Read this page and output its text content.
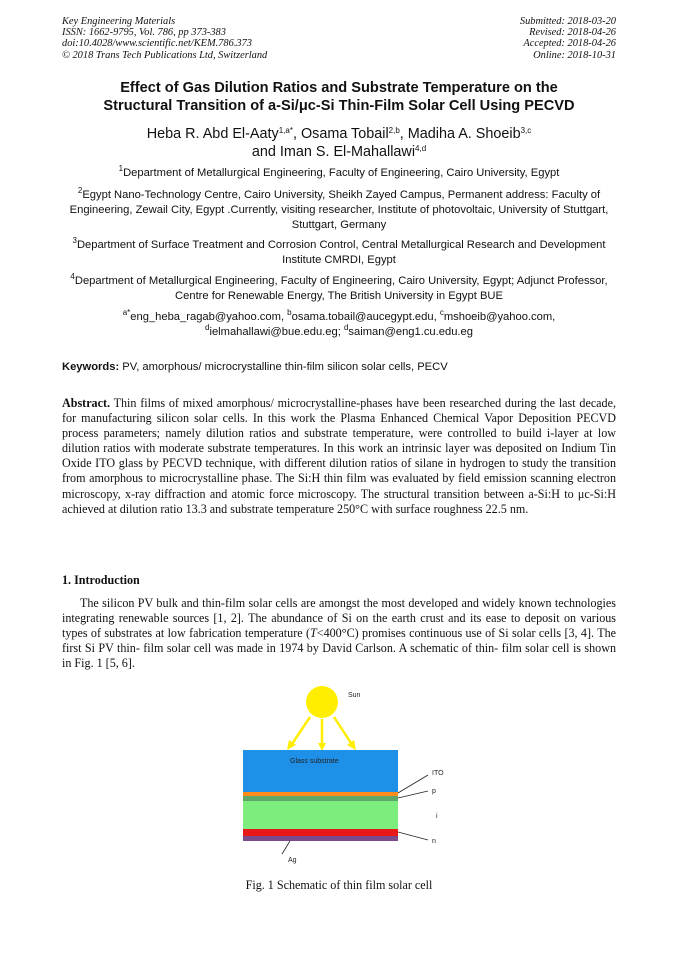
Key Engineering Materials
ISSN: 1662-9795, Vol. 786, pp 373-383
doi:10.4028/www.scientific.net/KEM.786.373
© 2018 Trans Tech Publications Ltd, Switzerland
Submitted: 2018-03-20
Revised: 2018-04-26
Accepted: 2018-04-26
Online: 2018-10-31
Effect of Gas Dilution Ratios and Substrate Temperature on the
Structural Transition of a-Si/μc-Si Thin-Film Solar Cell Using PECVD
Heba R. Abd El-Aaty$^{1,a*}$, Osama Tobail$^{2,b}$, Madiha A. Shoeib$^{3,c}$
and Iman S. El-Mahallawi$^{4,d}$
$^1$Department of Metallurgical Engineering, Faculty of Engineering, Cairo University, Egypt
$^2$Egypt Nano-Technology Centre, Cairo University, Sheikh Zayed Campus, Permanent address: Faculty of Engineering, Zewail City, Egypt .Currently, visiting researcher, Institute of photovoltaic, University of Stuttgart, Stuttgart, Germany
$^3$Department of Surface Treatment and Corrosion Control, Central Metallurgical Research and Development Institute CMRDI, Egypt
$^4$Department of Metallurgical Engineering, Faculty of Engineering, Cairo University, Egypt; Adjunct Professor, Centre for Renewable Energy, The British University in Egypt BUE
$^{a*}$eng_heba_ragab@yahoo.com, $^b$osama.tobail@aucegypt.edu, $^c$mshoeib@yahoo.com,
$^d$ielmahallawi@bue.edu.eg; $^d$saiman@eng1.cu.edu.eg
Keywords: PV, amorphous/ microcrystalline thin-film silicon solar cells, PECV
Abstract. Thin films of mixed amorphous/ microcrystalline-phases have been researched during the last decade, for manufacturing silicon solar cells. In this work the Plasma Enhanced Chemical Vapor Deposition PECVD process parameters; namely dilution ratios and substrate temperature, were controlled to build i-layer at low dilution ratios with moderate substrate temperatures. In this work an intrinsic layer was deposited on Indium Tin Oxide ITO glass by PECVD technique, with different dilution ratios of silane in hydrogen to study the transition from amorphous to microcrystalline phase. The Si:H thin film was evaluated by field emission scanning electron microscopy, x-ray diffraction and atomic force microscopy. The structural transition between a-Si:H to μc-Si:H achieved at dilution ratio 13.3 and substrate temperature 250°C with surface roughness 22.5 nm.
1. Introduction
The silicon PV bulk and thin-film solar cells are amongst the most developed and widely known technologies integrating renewable sources [1, 2]. The abundance of Si on the earth crust and its ease to deposit on various types of substrates at low fabrication temperature (T<400°C) promises continuous use of Si solar cells [3, 4]. The first Si PV thin- film solar cell was made in 1974 by David Carlson. A schematic of thin- film solar cell is shown in Fig. 1 [5, 6].
Sun
Glass substrate
ITO
p
i
n
Ag
Fig. 1 Schematic of thin film solar cell
